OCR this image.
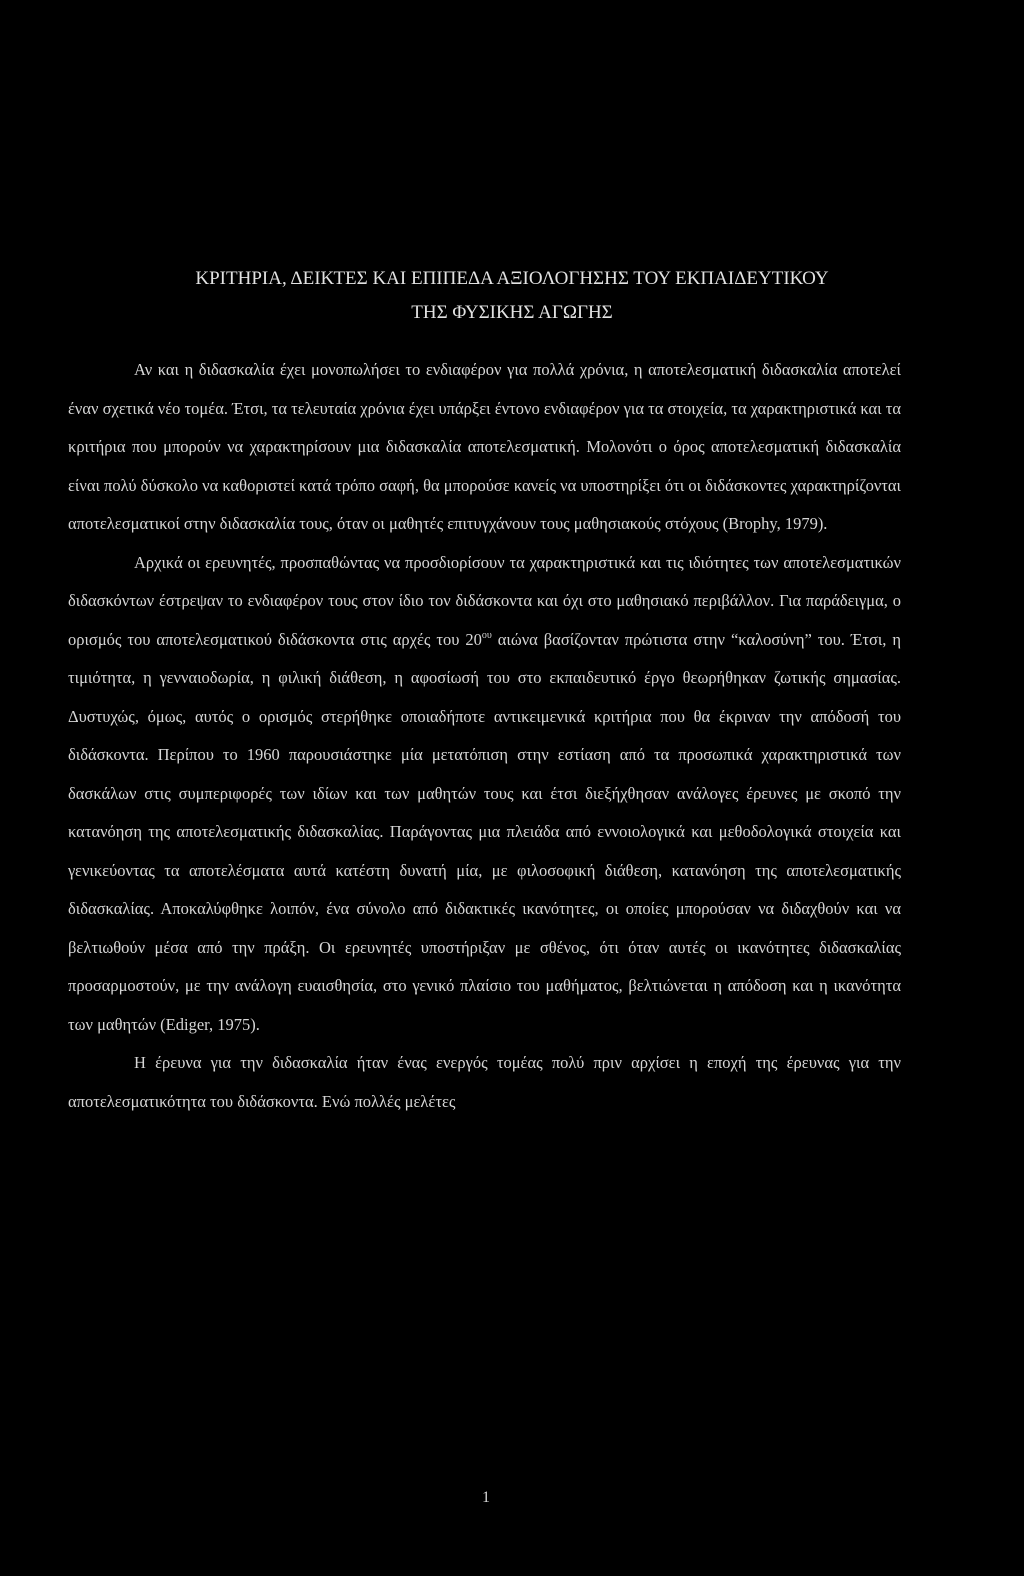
ΚΡΙΤΗΡΙΑ, ΔΕΙΚΤΕΣ ΚΑΙ ΕΠΙΠΕΔΑ ΑΞΙΟΛΟΓΗΣΗΣ ΤΟΥ ΕΚΠΑΙΔΕΥΤΙΚΟΥ
ΤΗΣ ΦΥΣΙΚΗΣ ΑΓΩΓΗΣ

Αν και η διδασκαλία έχει μονοπωλήσει το ενδιαφέρον για πολλά χρόνια, η αποτελεσματική διδασκαλία αποτελεί έναν σχετικά νέο τομέα. Έτσι, τα τελευταία χρόνια έχει υπάρξει έντονο ενδιαφέρον για τα στοιχεία, τα χαρακτηριστικά και τα κριτήρια που μπορούν να χαρακτηρίσουν μια διδασκαλία αποτελεσματική. Μολονότι ο όρος αποτελεσματική διδασκαλία είναι πολύ δύσκολο να καθοριστεί κατά τρόπο σαφή, θα μπορούσε κανείς να υποστηρίξει ότι οι διδάσκοντες χαρακτηρίζονται αποτελεσματικοί στην διδασκαλία τους, όταν οι μαθητές επιτυγχάνουν τους μαθησιακούς στόχους (Brophy, 1979).

Αρχικά οι ερευνητές, προσπαθώντας να προσδιορίσουν τα χαρακτηριστικά και τις ιδιότητες των αποτελεσματικών διδασκόντων έστρεψαν το ενδιαφέρον τους στον ίδιο τον διδάσκοντα και όχι στο μαθησιακό περιβάλλον. Για παράδειγμα, ο ορισμός του αποτελεσματικού διδάσκοντα στις αρχές του $20^{o\upsilon}$ αιώνα βασίζονταν πρώτιστα στην “καλοσύνη” του. Έτσι, η τιμιότητα, η γενναιοδωρία, η φιλική διάθεση, η αφοσίωσή του στο εκπαιδευτικό έργο θεωρήθηκαν ζωτικής σημασίας. Δυστυχώς, όμως, αυτός ο ορισμός στερήθηκε οποιαδήποτε αντικειμενικά κριτήρια που θα έκριναν την απόδοσή του διδάσκοντα. Περίπου το 1960 παρουσιάστηκε μία μετατόπιση στην εστίαση από τα προσωπικά χαρακτηριστικά των δασκάλων στις συμπεριφορές των ιδίων και των μαθητών τους και έτσι διεξήχθησαν ανάλογες έρευνες με σκοπό την κατανόηση της αποτελεσματικής διδασκαλίας. Παράγοντας μια πλειάδα από εννοιολογικά και μεθοδολογικά στοιχεία και γενικεύοντας τα αποτελέσματα αυτά κατέστη δυνατή μία, με φιλοσοφική διάθεση, κατανόηση της αποτελεσματικής διδασκαλίας. Αποκαλύφθηκε λοιπόν, ένα σύνολο από διδακτικές ικανότητες, οι οποίες μπορούσαν να διδαχθούν και να βελτιωθούν μέσα από την πράξη. Οι ερευνητές υποστήριξαν με σθένος, ότι όταν αυτές οι ικανότητες διδασκαλίας προσαρμοστούν, με την ανάλογη ευαισθησία, στο γενικό πλαίσιο του μαθήματος, βελτιώνεται η απόδοση και η ικανότητα των μαθητών (Ediger, 1975).

Η έρευνα για την διδασκαλία ήταν ένας ενεργός τομέας πολύ πριν αρχίσει η εποχή της έρευνας για την αποτελεσματικότητα του διδάσκοντα. Ενώ πολλές μελέτες

1
